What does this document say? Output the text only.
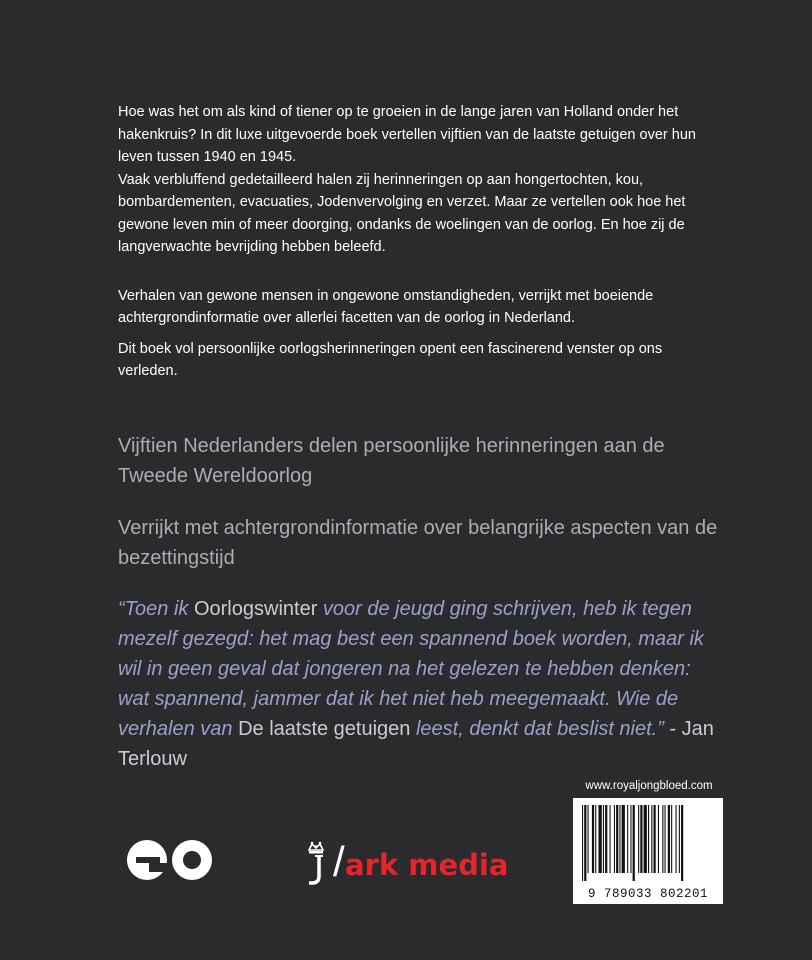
Hoe was het om als kind of tiener op te groeien in de lange jaren van Holland onder het hakenkruis? In dit luxe uitgevoerde boek vertellen vijftien van de laatste getuigen over hun leven tussen 1940 en 1945.

Vaak verbluffend gedetailleerd halen zij herinneringen op aan hongertochten, kou, bombardementen, evacuaties, Jodenvervolging en verzet. Maar ze vertellen ook hoe het gewone leven min of meer doorging, ondanks de woelingen van de oorlog. En hoe zij de langverwachte bevrijding hebben beleefd.

Verhalen van gewone mensen in ongewone omstandigheden, verrijkt met boeiende achtergrondinformatie over allerlei facetten van de oorlog in Nederland.

Dit boek vol persoonlijke oorlogsherinneringen opent een fascinerend venster op ons verleden.

Vijftien Nederlanders delen persoonlijke herinneringen aan de Tweede Wereldoorlog

Verrijkt met achtergrondinformatie over belangrijke aspecten van de bezettingstijd

“Toen ik Oorlogswinter voor de jeugd ging schrijven, heb ik tegen mezelf gezegd: het mag best een spannend boek worden, maar ik wil in geen geval dat jongeren na het gelezen te hebben denken: wat spannend, jammer dat ik het niet heb meegemaakt. Wie de verhalen van De laatste getuigen leest, denkt dat beslist niet.” - Jan Terlouw
www.royaljongbloed.com
9 789033 802201
/ ark media
